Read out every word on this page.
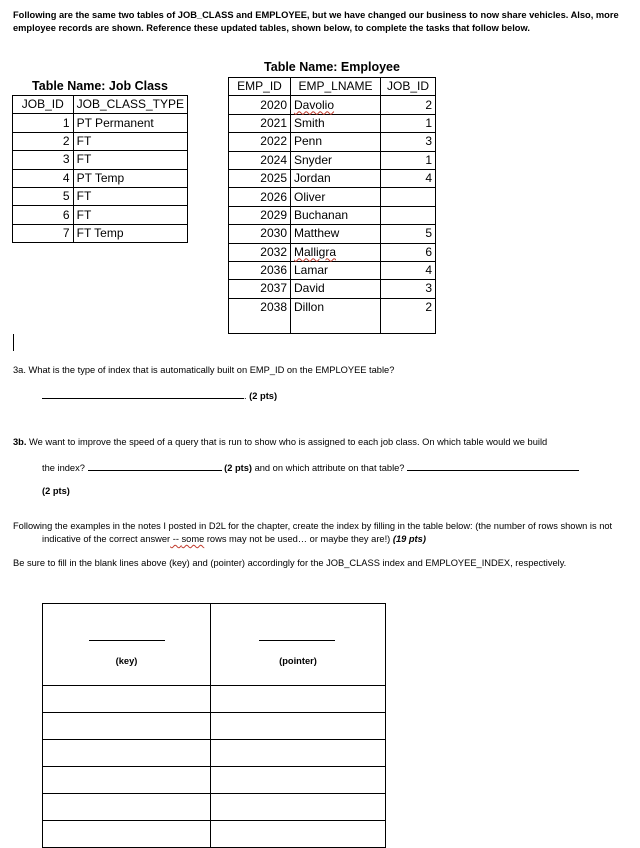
Following are the same two tables of JOB_CLASS and EMPLOYEE, but we have changed our business to now share vehicles. Also, more employee records are shown. Reference these updated tables, shown below, to complete the tasks that follow below.
Table Name: Job Class
JOB_ID	JOB_CLASS_TYPE
1	PT Permanent
2	FT
3	FT
4	PT Temp
5	FT
6	FT
7	FT Temp
Table Name: Employee
EMP_ID	EMP_LNAME	JOB_ID
2020	Davolio	2
2021	Smith	1
2022	Penn	3
2024	Snyder	1
2025	Jordan	4
2026	Oliver	
2029	Buchanan	
2030	Matthew	5
2032	Malligra	6
2036	Lamar	4
2037	David	3
2038	Dillon	2
3a. What is the type of index that is automatically built on EMP_ID on the EMPLOYEE table?
. (2 pts)
3b. We want to improve the speed of a query that is run to show who is assigned to each job class. On which table would we build
the index?	(2 pts) and on which attribute on that table?
(2 pts)
Following the examples in the notes I posted in D2L for the chapter, create the index by filling in the table below: (the number of rows shown is not indicative of the correct answer -- some rows may not be used… or maybe they are!) (19 pts)
Be sure to fill in the blank lines above (key) and (pointer) accordingly for the JOB_CLASS index and EMPLOYEE_INDEX, respectively.
(key)	(pointer)
